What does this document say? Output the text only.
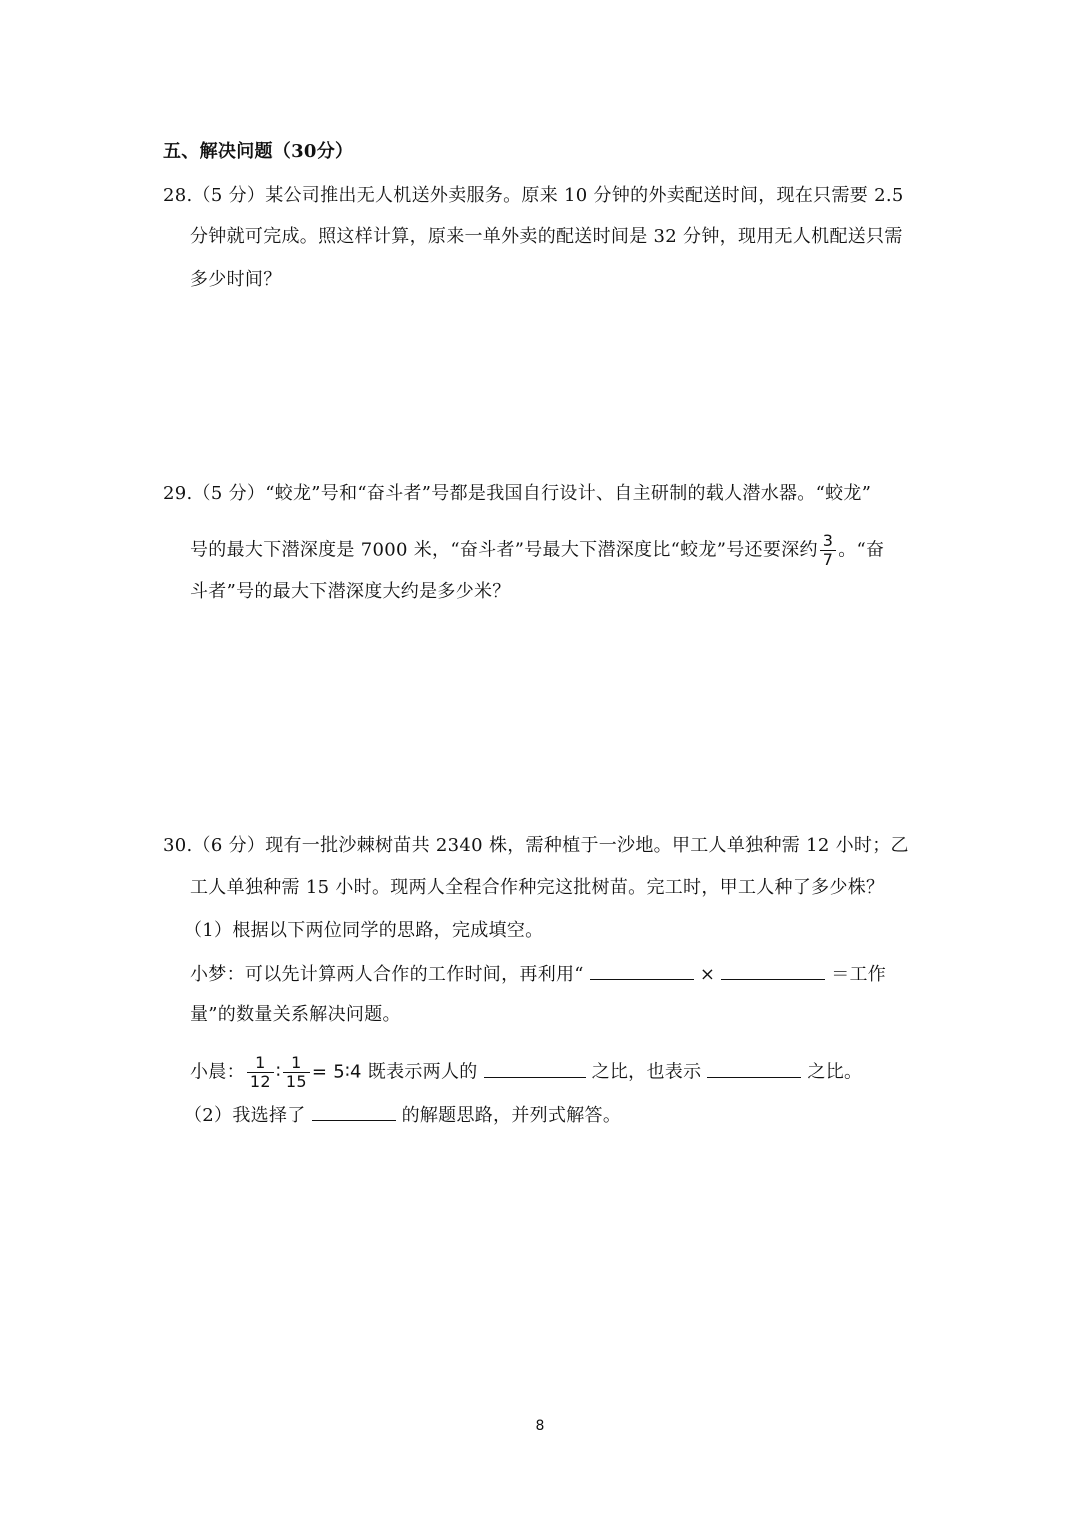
五、解决问题（30分）
28.（5 分）某公司推出无人机送外卖服务。原来 10 分钟的外卖配送时间，现在只需要 2.5
分钟就可完成。照这样计算，原来一单外卖的配送时间是 32 分钟，现用无人机配送只需
多少时间？
29.（5 分）“蛟龙”号和“奋斗者”号都是我国自行设计、自主研制的载人潜水器。“蛟龙”
号的最大下潜深度是 7000 米，“奋斗者”号最大下潜深度比“蛟龙”号还要深约 $\frac{3}{7}$ 。“奋
斗者”号的最大下潜深度大约是多少米？
30.（6 分）现有一批沙棘树苗共 2340 株，需种植于一沙地。甲工人单独种需 12 小时；乙
工人单独种需 15 小时。现两人全程合作种完这批树苗。完工时，甲工人种了多少株？
（1）根据以下两位同学的思路，完成填空。
小梦：可以先计算两人合作的工作时间，再利用“	×	＝工作
量”的数量关系解决问题。
小晨： $\frac{1}{12}$ ∶ $\frac{1}{15}$ = 5∶4 既表示两人的	之比，也表示	之比。
（2）我选择了	的解题思路，并列式解答。
8
